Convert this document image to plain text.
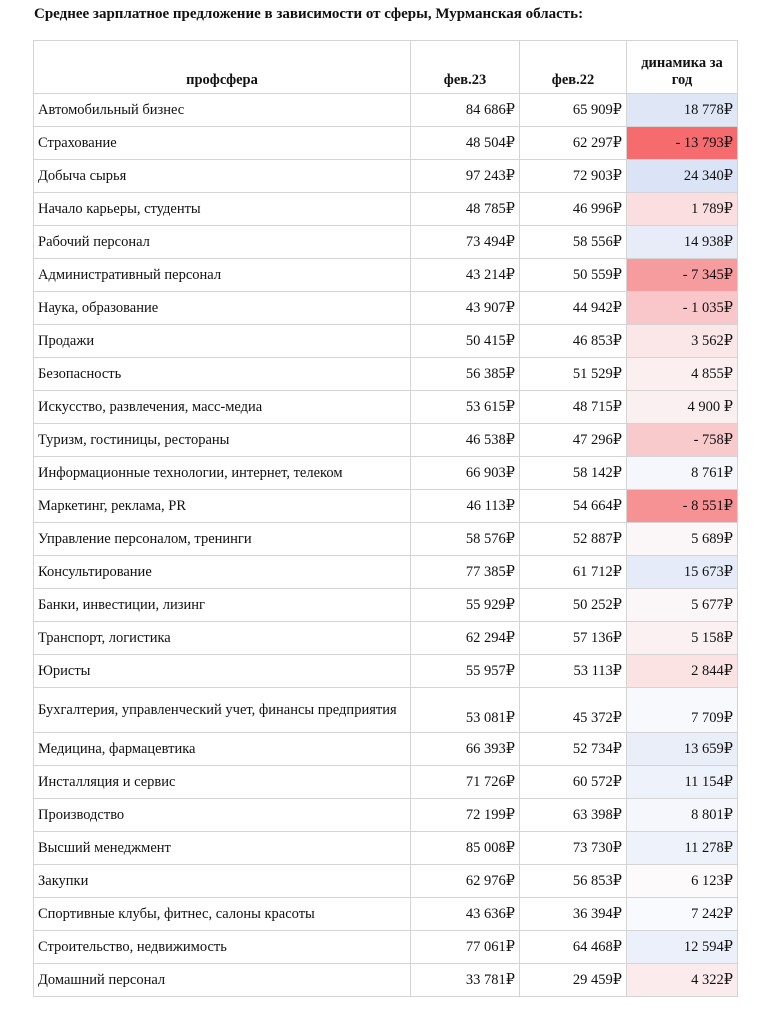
Среднее зарплатное предложение в зависимости от сферы, Мурманская область:
профсфера	фев.23	фев.22	динамика за год
Автомобильный бизнес	84 686₽	65 909₽	18 778₽
Страхование	48 504₽	62 297₽	- 13 793₽
Добыча сырья	97 243₽	72 903₽	24 340₽
Начало карьеры, студенты	48 785₽	46 996₽	1 789₽
Рабочий персонал	73 494₽	58 556₽	14 938₽
Административный персонал	43 214₽	50 559₽	- 7 345₽
Наука, образование	43 907₽	44 942₽	- 1 035₽
Продажи	50 415₽	46 853₽	3 562₽
Безопасность	56 385₽	51 529₽	4 855₽
Искусство, развлечения, масс-медиа	53 615₽	48 715₽	4 900 ₽
Туризм, гостиницы, рестораны	46 538₽	47 296₽	- 758₽
Информационные технологии, интернет, телеком	66 903₽	58 142₽	8 761₽
Маркетинг, реклама, PR	46 113₽	54 664₽	- 8 551₽
Управление персоналом, тренинги	58 576₽	52 887₽	5 689₽
Консультирование	77 385₽	61 712₽	15 673₽
Банки, инвестиции, лизинг	55 929₽	50 252₽	5 677₽
Транспорт, логистика	62 294₽	57 136₽	5 158₽
Юристы	55 957₽	53 113₽	2 844₽
Бухгалтерия, управленческий учет, финансы предприятия	53 081₽	45 372₽	7 709₽
Медицина, фармацевтика	66 393₽	52 734₽	13 659₽
Инсталляция и сервис	71 726₽	60 572₽	11 154₽
Производство	72 199₽	63 398₽	8 801₽
Высший менеджмент	85 008₽	73 730₽	11 278₽
Закупки	62 976₽	56 853₽	6 123₽
Спортивные клубы, фитнес, салоны красоты	43 636₽	36 394₽	7 242₽
Строительство, недвижимость	77 061₽	64 468₽	12 594₽
Домашний персонал	33 781₽	29 459₽	4 322₽
